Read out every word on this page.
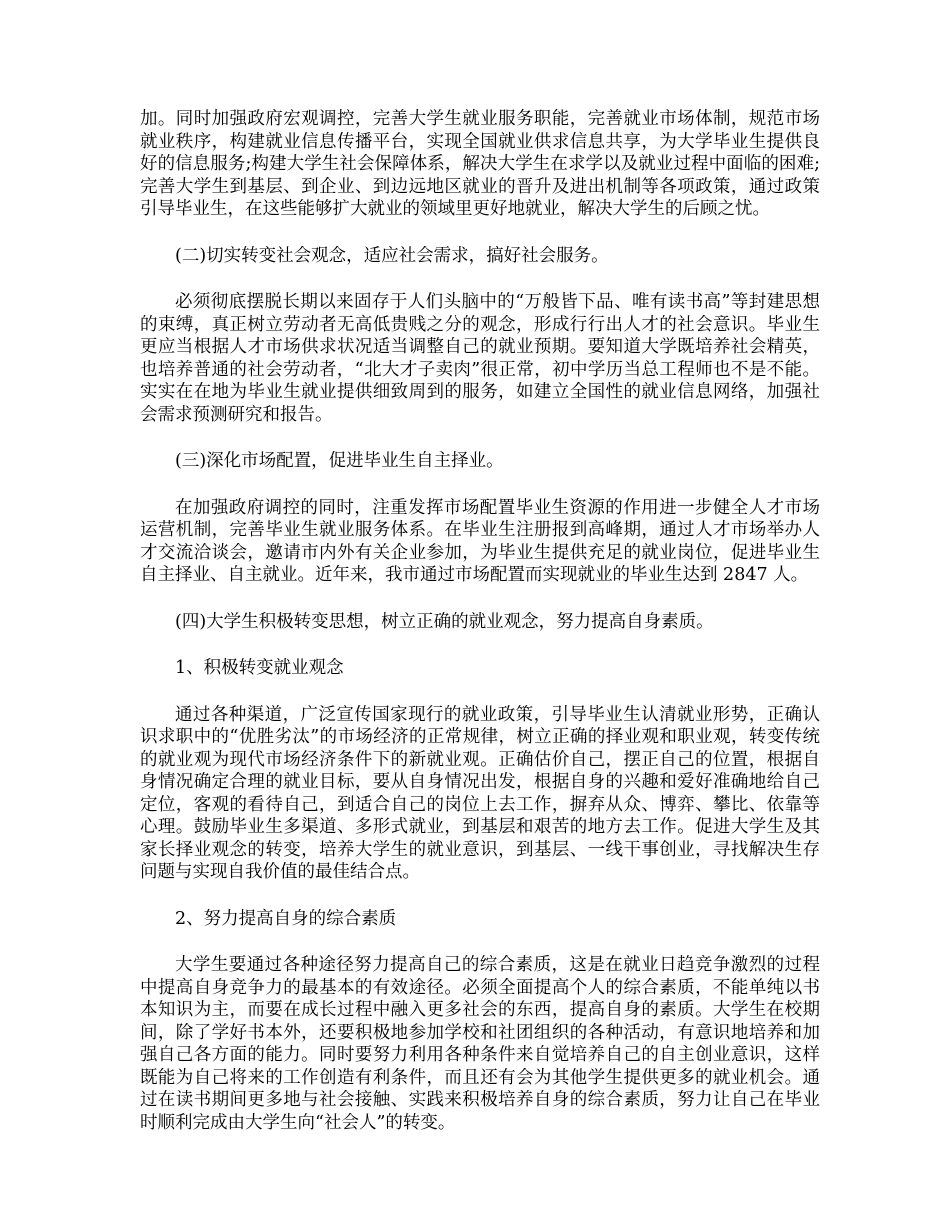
加。同时加强政府宏观调控，完善大学生就业服务职能，完善就业市场体制，规范市场就业秩序，构建就业信息传播平台，实现全国就业供求信息共享，为大学毕业生提供良好的信息服务;构建大学生社会保障体系，解决大学生在求学以及就业过程中面临的困难;完善大学生到基层、到企业、到边远地区就业的晋升及进出机制等各项政策，通过政策引导毕业生，在这些能够扩大就业的领域里更好地就业，解决大学生的后顾之忧。

(二)切实转变社会观念，适应社会需求，搞好社会服务。

必须彻底摆脱长期以来固存于人们头脑中的“万般皆下品、唯有读书高”等封建思想的束缚，真正树立劳动者无高低贵贱之分的观念，形成行行出人才的社会意识。毕业生更应当根据人才市场供求状况适当调整自己的就业预期。要知道大学既培养社会精英，也培养普通的社会劳动者，“北大才子卖肉”很正常，初中学历当总工程师也不是不能。实实在在地为毕业生就业提供细致周到的服务，如建立全国性的就业信息网络，加强社会需求预测研究和报告。

(三)深化市场配置，促进毕业生自主择业。

在加强政府调控的同时，注重发挥市场配置毕业生资源的作用进一步健全人才市场运营机制，完善毕业生就业服务体系。在毕业生注册报到高峰期，通过人才市场举办人才交流洽谈会，邀请市内外有关企业参加，为毕业生提供充足的就业岗位，促进毕业生自主择业、自主就业。近年来，我市通过市场配置而实现就业的毕业生达到 2847 人。

(四)大学生积极转变思想，树立正确的就业观念，努力提高自身素质。

1、积极转变就业观念

通过各种渠道，广泛宣传国家现行的就业政策，引导毕业生认清就业形势，正确认识求职中的“优胜劣汰”的市场经济的正常规律，树立正确的择业观和职业观，转变传统的就业观为现代市场经济条件下的新就业观。正确估价自己，摆正自己的位置，根据自身情况确定合理的就业目标，要从自身情况出发，根据自身的兴趣和爱好准确地给自己定位，客观的看待自己，到适合自己的岗位上去工作，摒弃从众、博弈、攀比、依靠等心理。鼓励毕业生多渠道、多形式就业，到基层和艰苦的地方去工作。促进大学生及其家长择业观念的转变，培养大学生的就业意识，到基层、一线干事创业，寻找解决生存问题与实现自我价值的最佳结合点。

2、努力提高自身的综合素质

大学生要通过各种途径努力提高自己的综合素质，这是在就业日趋竞争激烈的过程中提高自身竞争力的最基本的有效途径。必须全面提高个人的综合素质，不能单纯以书本知识为主，而要在成长过程中融入更多社会的东西，提高自身的素质。大学生在校期间，除了学好书本外，还要积极地参加学校和社团组织的各种活动，有意识地培养和加强自己各方面的能力。同时要努力利用各种条件来自觉培养自己的自主创业意识，这样既能为自己将来的工作创造有利条件，而且还有会为其他学生提供更多的就业机会。通过在读书期间更多地与社会接触、实践来积极培养自身的综合素质，努力让自己在毕业时顺利完成由大学生向“社会人”的转变。
